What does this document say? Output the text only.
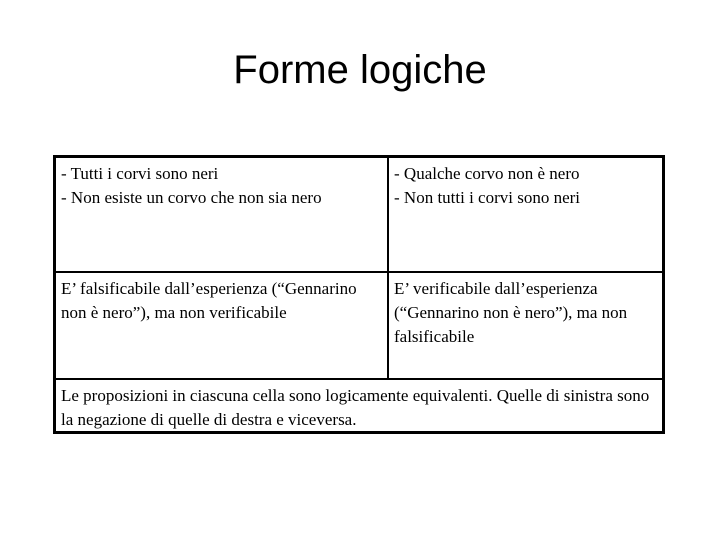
Forme logiche
- Tutti i corvi sono neri
- Non esiste un corvo che non sia nero
- Qualche corvo non è nero
- Non tutti i corvi sono neri
E’ falsificabile dall’esperienza (“Gennarino non è nero”), ma non verificabile
E’ verificabile dall’esperienza (“Gennarino non è nero”), ma non falsificabile
Le proposizioni in ciascuna cella sono logicamente equivalenti. Quelle di sinistra sono la negazione di quelle di destra e viceversa.
